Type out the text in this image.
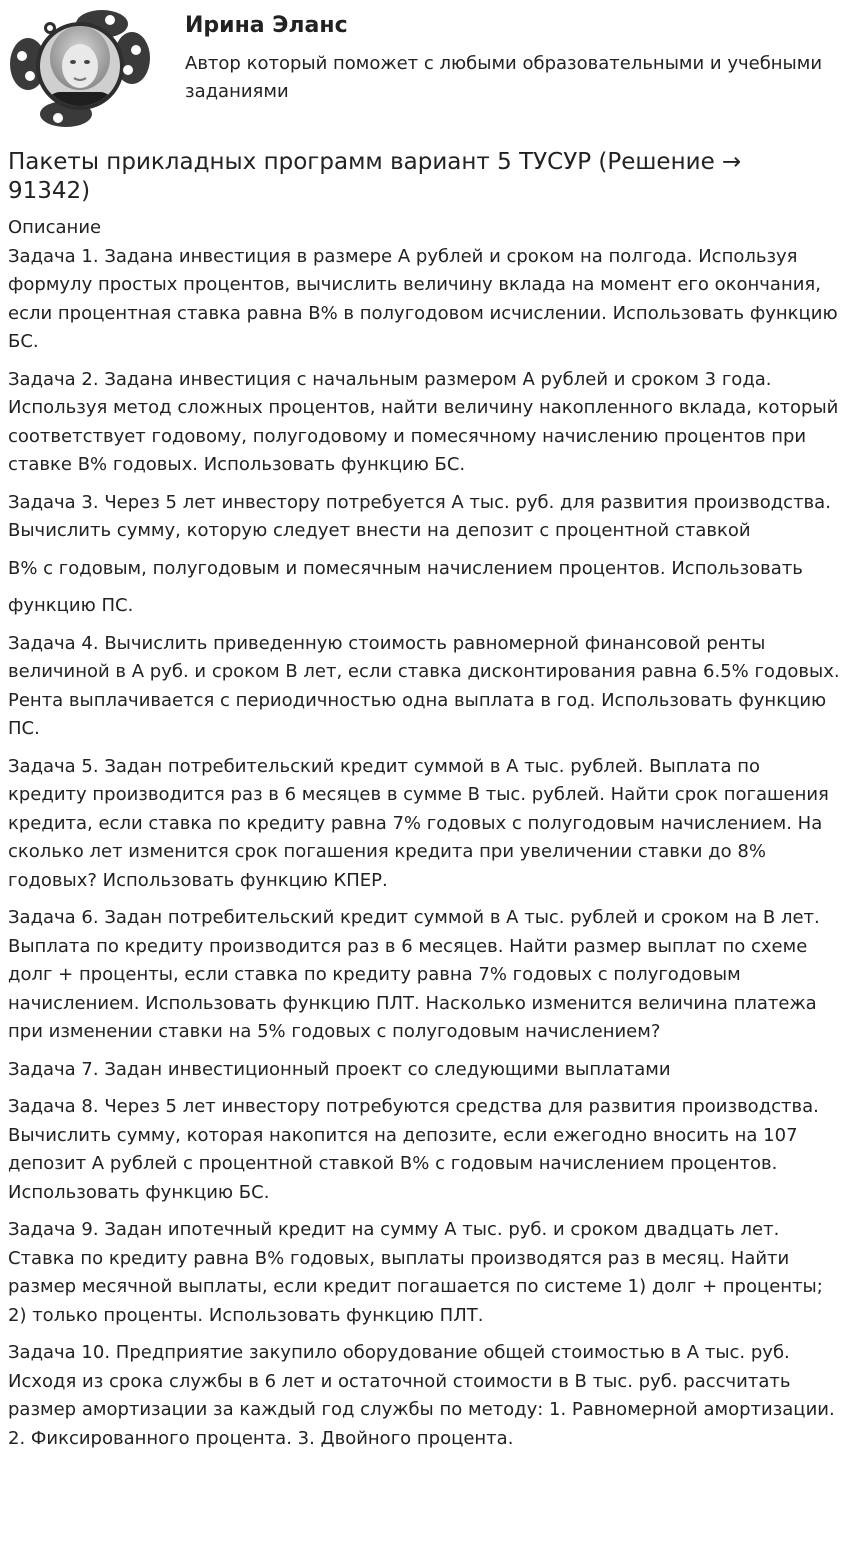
Ирина Эланс
Автор который поможет с любыми образовательными и учебными заданиями
Пакеты прикладных программ вариант 5 ТУСУР (Решение → 91342)

Описание

Задача 1. Задана инвестиция в размере А рублей и сроком на полгода. Используя формулу простых процентов, вычислить величину вклада на момент его окончания, если процентная ставка равна В% в полугодовом исчислении. Использовать функцию БС.

Задача 2. Задана инвестиция с начальным размером А рублей и сроком 3 года. Используя метод сложных процентов, найти величину накопленного вклада, который соответствует годовому, полугодовому и помесячному начислению процентов при ставке В% годовых. Использовать функцию БС.

Задача 3. Через 5 лет инвестору потребуется А тыс. руб. для развития производства. Вычислить сумму, которую следует внести на депозит с процентной ставкой

В% с годовым, полугодовым и помесячным начислением процентов. Использовать

функцию ПС.

Задача 4. Вычислить приведенную стоимость равномерной финансовой ренты величиной в А руб. и сроком В лет, если ставка дисконтирования равна 6.5% годовых. Рента выплачивается с периодичностью одна выплата в год. Использовать функцию ПС.

Задача 5. Задан потребительский кредит суммой в А тыс. рублей. Выплата по кредиту производится раз в 6 месяцев в сумме В тыс. рублей. Найти срок погашения кредита, если ставка по кредиту равна 7% годовых с полугодовым начислением. На сколько лет изменится срок погашения кредита при увеличении ставки до 8% годовых? Использовать функцию КПЕР.

Задача 6. Задан потребительский кредит суммой в А тыс. рублей и сроком на В лет. Выплата по кредиту производится раз в 6 месяцев. Найти размер выплат по схеме долг + проценты, если ставка по кредиту равна 7% годовых с полугодовым начислением. Использовать функцию ПЛТ. Насколько изменится величина платежа при изменении ставки на 5% годовых с полугодовым начислением?

Задача 7. Задан инвестиционный проект со следующими выплатами

Задача 8. Через 5 лет инвестору потребуются средства для развития производства. Вычислить сумму, которая накопится на депозите, если ежегодно вносить на 107 депозит А рублей с процентной ставкой В% с годовым начислением процентов. Использовать функцию БС.

Задача 9. Задан ипотечный кредит на сумму А тыс. руб. и сроком двадцать лет. Ставка по кредиту равна В% годовых, выплаты производятся раз в месяц. Найти размер месячной выплаты, если кредит погашается по системе 1) долг + проценты; 2) только проценты. Использовать функцию ПЛТ.

Задача 10. Предприятие закупило оборудование общей стоимостью в А тыс. руб. Исходя из срока службы в 6 лет и остаточной стоимости в В тыс. руб. рассчитать размер амортизации за каждый год службы по методу: 1. Равномерной амортизации. 2. Фиксированного процента. 3. Двойного процента.
